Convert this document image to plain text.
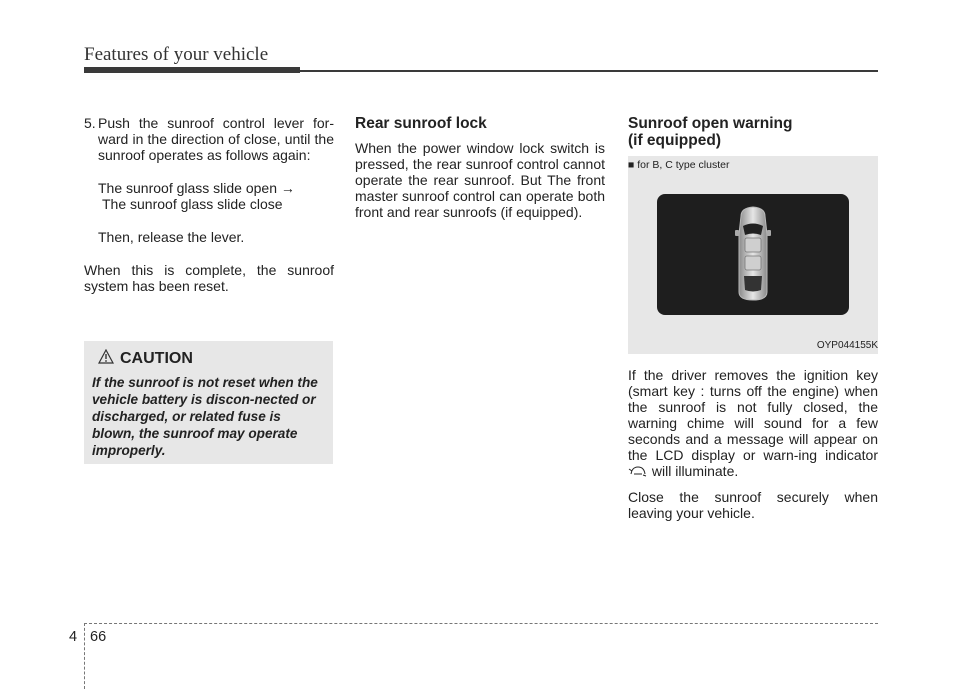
Features of your vehicle
5. Push the sunroof control lever for-ward in the direction of close, until the sunroof operates as follows again:

The sunroof glass slide open →

The sunroof glass slide close

Then, release the lever.

When this is complete, the sunroof system has been reset.

CAUTION

If the sunroof is not reset when the vehicle battery is discon-nected or discharged, or related fuse is blown, the sunroof may operate improperly.

Rear sunroof lock

When the power window lock switch is pressed, the rear sunroof control cannot operate the rear sunroof. But The front master sunroof control can operate both front and rear sunroofs (if equipped).

Sunroof open warning
(if equipped)
■ for B, C type cluster
OYP044155K

If the driver removes the ignition key (smart key : turns off the engine) when the sunroof is not fully closed, the warning chime will sound for a few seconds and a message will appear on the LCD display or warn-ing indicator  will illuminate.

Close the sunroof securely when leaving your vehicle.

4 66
